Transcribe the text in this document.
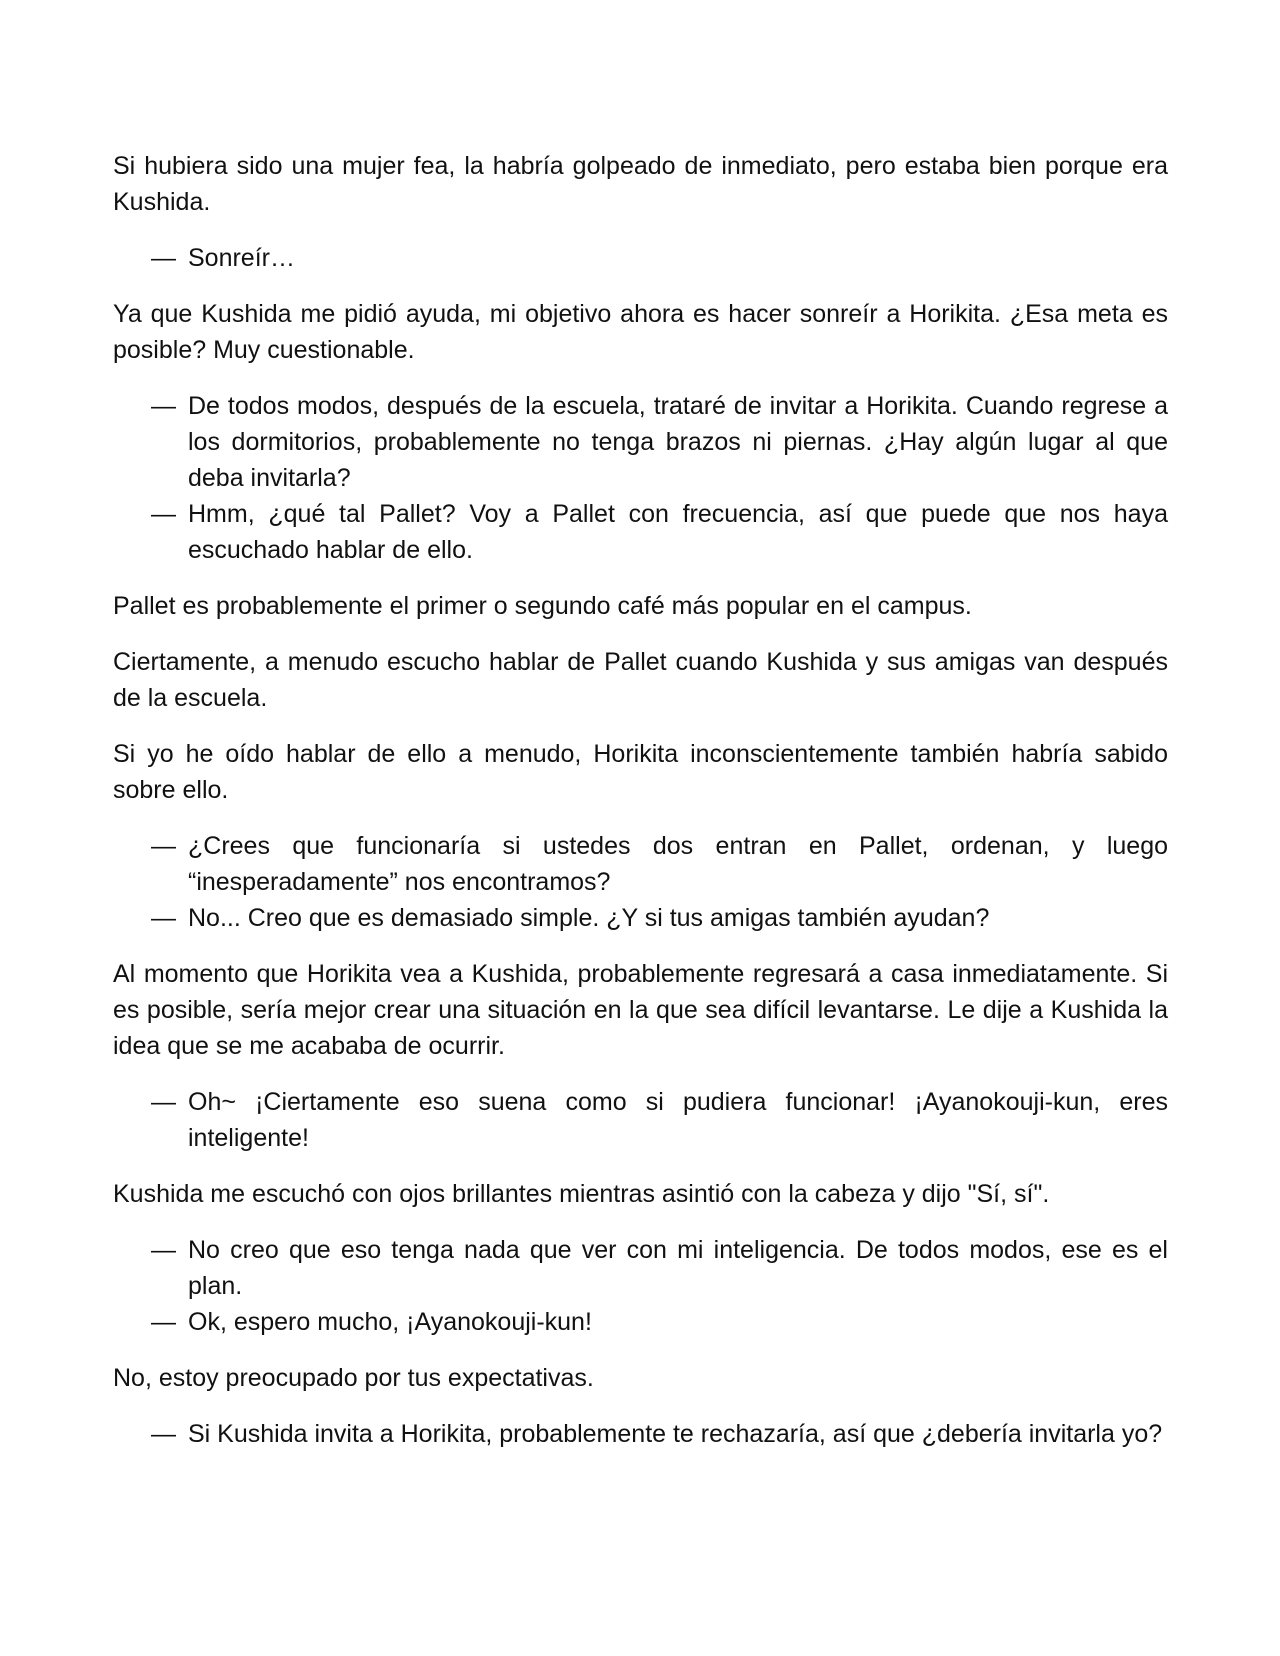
Si hubiera sido una mujer fea, la habría golpeado de inmediato, pero estaba bien porque era Kushida.

— Sonreír…

Ya que Kushida me pidió ayuda, mi objetivo ahora es hacer sonreír a Horikita. ¿Esa meta es posible? Muy cuestionable.

— De todos modos, después de la escuela, trataré de invitar a Horikita. Cuando regrese a los dormitorios, probablemente no tenga brazos ni piernas. ¿Hay algún lugar al que deba invitarla?

— Hmm, ¿qué tal Pallet? Voy a Pallet con frecuencia, así que puede que nos haya escuchado hablar de ello.

Pallet es probablemente el primer o segundo café más popular en el campus.

Ciertamente, a menudo escucho hablar de Pallet cuando Kushida y sus amigas van después de la escuela.

Si yo he oído hablar de ello a menudo, Horikita inconscientemente también habría sabido sobre ello.

— ¿Crees que funcionaría si ustedes dos entran en Pallet, ordenan, y luego “inesperadamente” nos encontramos?

— No... Creo que es demasiado simple. ¿Y si tus amigas también ayudan?

Al momento que Horikita vea a Kushida, probablemente regresará a casa inmediatamente. Si es posible, sería mejor crear una situación en la que sea difícil levantarse. Le dije a Kushida la idea que se me acababa de ocurrir.

— Oh~ ¡Ciertamente eso suena como si pudiera funcionar! ¡Ayanokouji-kun, eres inteligente!

Kushida me escuchó con ojos brillantes mientras asintió con la cabeza y dijo "Sí, sí".

— No creo que eso tenga nada que ver con mi inteligencia. De todos modos, ese es el plan.

— Ok, espero mucho, ¡Ayanokouji-kun!

No, estoy preocupado por tus expectativas.

— Si Kushida invita a Horikita, probablemente te rechazaría, así que ¿debería invitarla yo?
